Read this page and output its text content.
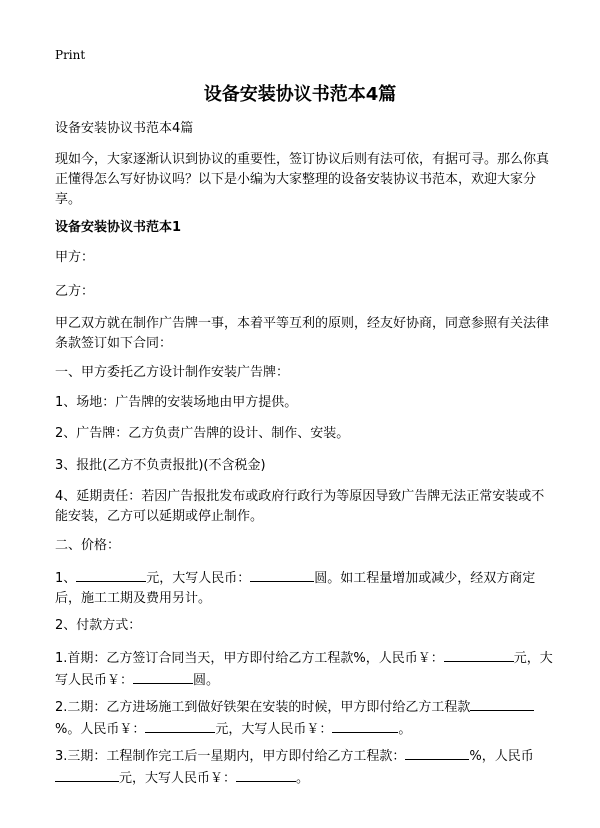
Print
设备安装协议书范本4篇
设备安装协议书范本4篇
现如今，大家逐渐认识到协议的重要性，签订协议后则有法可依，有据可寻。那么你真正懂得怎么写好协议吗？以下是小编为大家整理的设备安装协议书范本，欢迎大家分享。
设备安装协议书范本1
甲方：
乙方：
甲乙双方就在制作广告牌一事，本着平等互利的原则，经友好协商，同意参照有关法律条款签订如下合同：
一、甲方委托乙方设计制作安装广告牌：
1、场地：广告牌的安装场地由甲方提供。
2、广告牌：乙方负责广告牌的设计、制作、安装。
3、报批(乙方不负责报批)(不含税金)
4、延期责任：若因广告报批发布或政府行政行为等原因导致广告牌无法正常安装或不能安装，乙方可以延期或停止制作。
二、价格：
1、	元，大写人民币：	圆。如工程量增加或减少，经双方商定后，施工工期及费用另计。
2、付款方式：
1.首期：乙方签订合同当天，甲方即付给乙方工程款%，人民币￥：	元，大写人民币￥：	圆。
2.二期：乙方进场施工到做好铁架在安装的时候，甲方即付给乙方工程款%。人民币￥：	元，大写人民币￥：	。
3.三期：工程制作完工后一星期内，甲方即付给乙方工程款：	%，人民币元，大写人民币￥：	。
